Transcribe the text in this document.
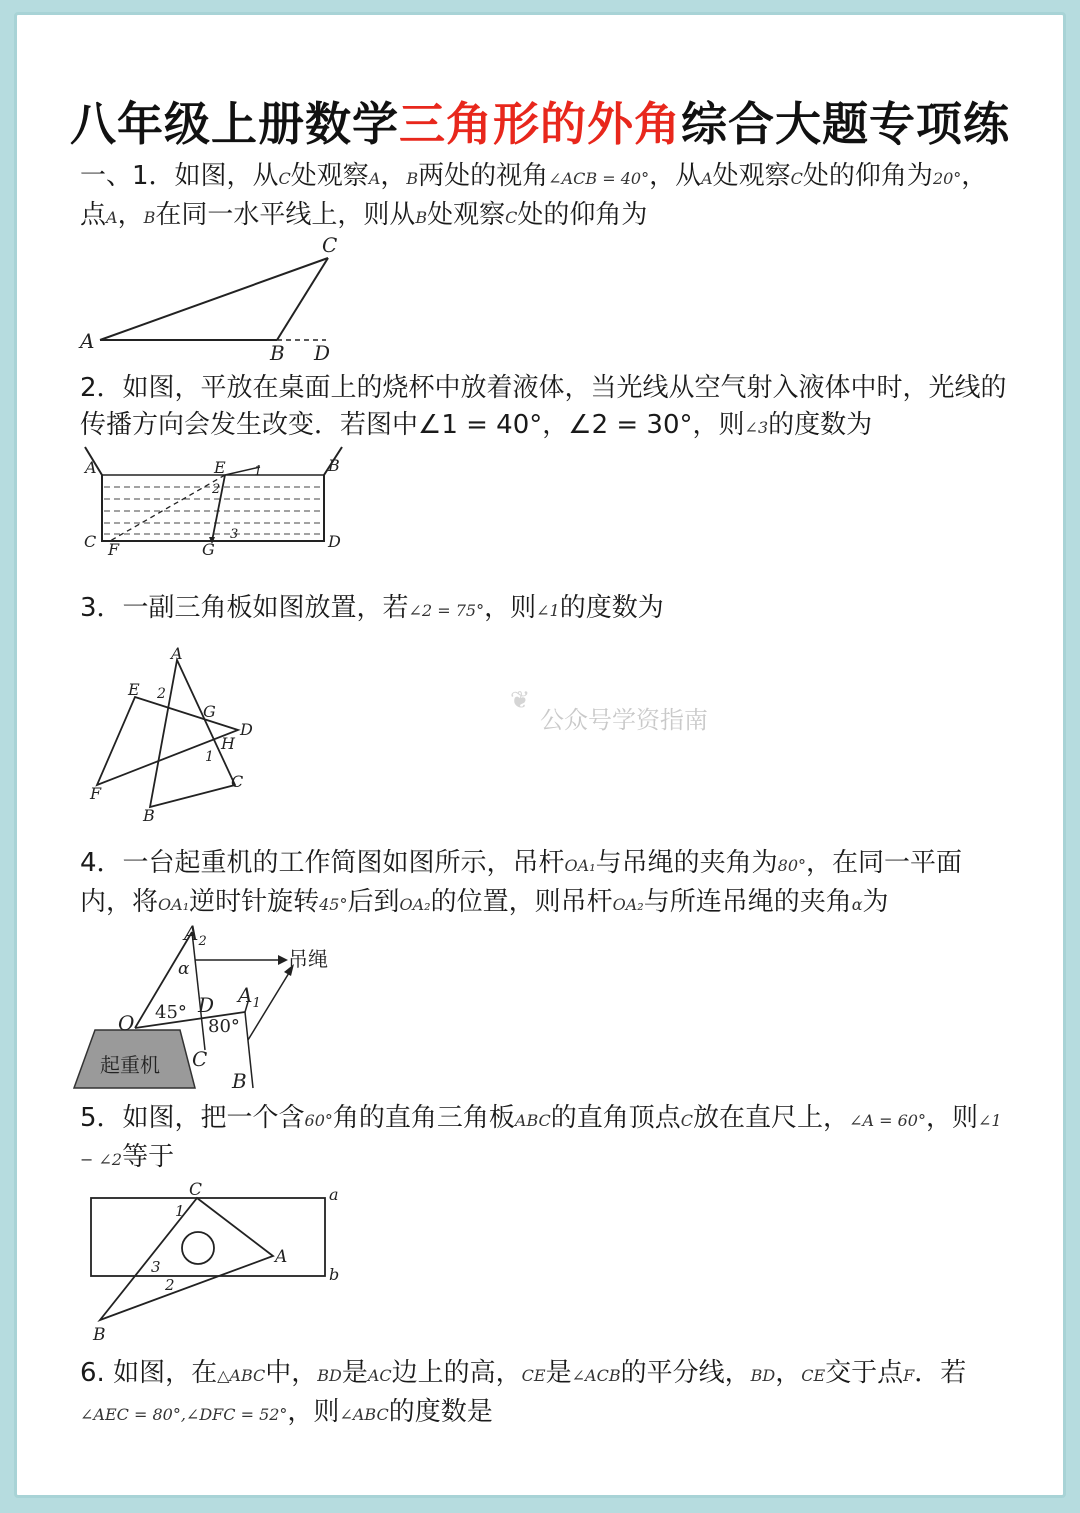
八年级上册数学三角形的外角综合大题专项练
一、1．如图，从C处观察A，B两处的视角∠ACB = 40°，从A处观察C处的仰角为20°，点A，B在同一水平线上，则从B处观察C处的仰角为
2．如图，平放在桌面上的烧杯中放着液体，当光线从空气射入液体中时，光线的传播方向会发生改变．若图中∠1 = 40°，∠2 = 30°，则∠3的度数为
3．一副三角板如图放置，若∠2 = 75°，则∠1的度数为
4．一台起重机的工作简图如图所示，吊杆OA₁与吊绳的夹角为80°，在同一平面内，将OA₁逆时针旋转45°后到OA₂的位置，则吊杆OA₂与所连吊绳的夹角α为
5．如图，把一个含60°角的直角三角板ABC的直角顶点C放在直尺上，∠A = 60°，则∠1 − ∠2等于
6. 如图，在△ABC中，BD是AC边上的高，CE是∠ACB的平分线，BD，CE交于点F．若∠AEC = 80°,∠DFC = 52°，则∠ABC的度数是
A
C
B D
A	B
C	D
E
F	G
1
2
3
A
B
C
D
E
F
G
H
1
2	❦
公众号学资指南
起重机
$A_2$
$A_1$
O
D
C
B
α
45°
80°
吊绳
C
A
B
a
b
1
2
3
